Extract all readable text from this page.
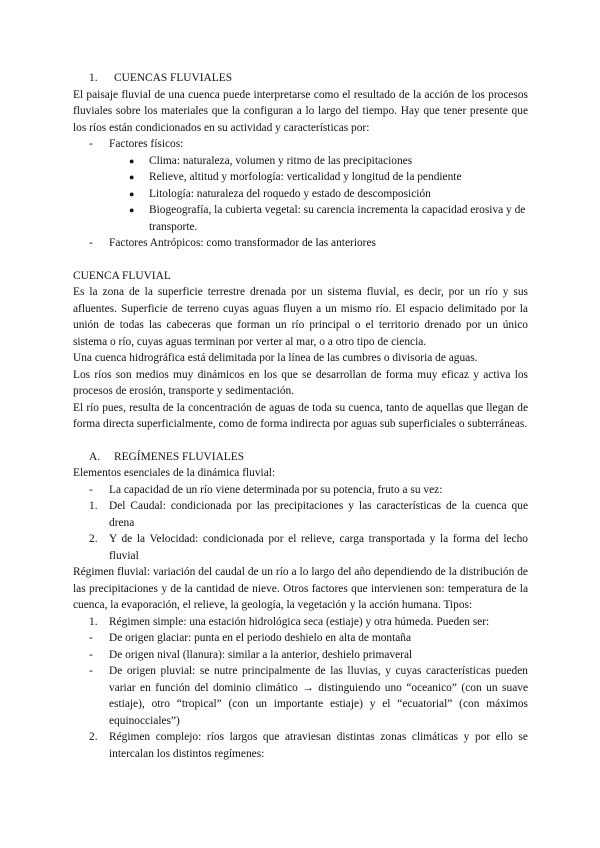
1.	CUENCAS FLUVIALES

El paisaje fluvial de una cuenca puede interpretarse como el resultado de la acción de los procesos fluviales sobre los materiales que la configuran a lo largo del tiempo. Hay que tener presente que los ríos están condicionados en su actividad y características por:

-	Factores físicos:
●	Clima: naturaleza, volumen y ritmo de las precipitaciones
●	Relieve, altitud y morfología: verticalidad y longitud de la pendiente
●	Litología: naturaleza del roquedo y estado de descomposición
●	Biogeografía, la cubierta vegetal: su carencia incrementa la capacidad erosiva y de transporte.
-	Factores Antrópicos: como transformador de las anteriores
CUENCA FLUVIAL

Es la zona de la superficie terrestre drenada por un sistema fluvial, es decir, por un río y sus afluentes. Superficie de terreno cuyas aguas fluyen a un mismo río. El espacio delimitado por la unión de todas las cabeceras que forman un río principal o el territorio drenado por un único sistema o río, cuyas aguas terminan por verter al mar, o a otro tipo de ciencia.

Una cuenca hidrográfica está delimitada por la línea de las cumbres o divisoria de aguas.

Los ríos son medios muy dinámicos en los que se desarrollan de forma muy eficaz y activa los procesos de erosión, transporte y sedimentación.

El río pues, resulta de la concentración de aguas de toda su cuenca, tanto de aquellas que llegan de forma directa superficialmente, como de forma indirecta por aguas sub superficiales o subterráneas.

A.	REGÍMENES FLUVIALES

Elementos esenciales de la dinámica fluvial:

-	La capacidad de un río viene determinada por su potencia, fruto a su vez:
1.	Del Caudal: condicionada por las precipitaciones y las características de la cuenca que drena
2.	Y de la Velocidad: condicionada por el relieve, carga transportada y la forma del lecho fluvial

Régimen fluvial: variación del caudal de un río a lo largo del año dependiendo de la distribución de las precipitaciones y de la cantidad de nieve. Otros factores que intervienen son: temperatura de la cuenca, la evaporación, el relieve, la geología, la vegetación y la acción humana. Tipos:

1.	Régimen simple: una estación hidrológica seca (estiaje) y otra húmeda. Pueden ser:
-	De origen glaciar: punta en el periodo deshielo en alta de montaña
-	De origen nival (llanura): similar a la anterior, deshielo primaveral
-	De origen pluvial: se nutre principalmente de las lluvias, y cuyas características pueden variar en función del dominio climático → distinguiendo uno “oceanico” (con un suave estiaje), otro “tropical” (con un importante estiaje) y el “ecuatorial” (con máximos equinocciales”)
2.	Régimen complejo: ríos largos que atraviesan distintas zonas climáticas y por ello se intercalan los distintos regímenes:
